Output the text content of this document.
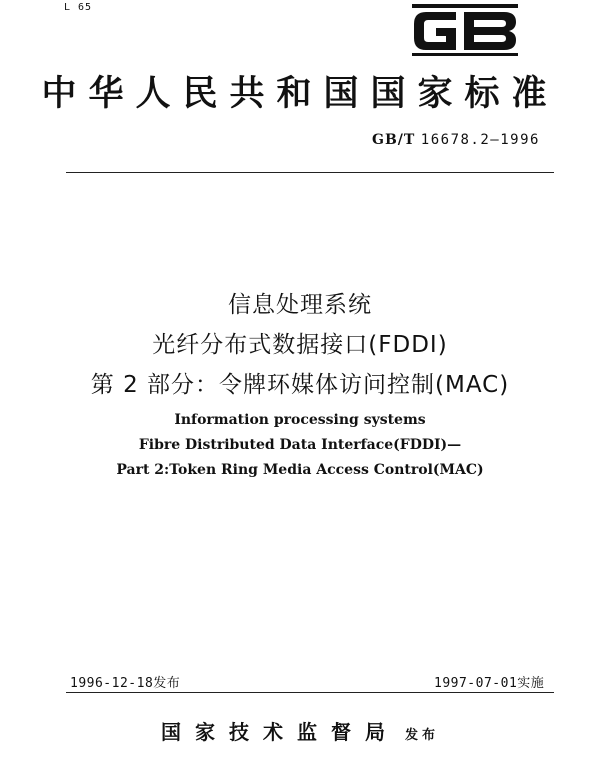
L 65
中华人民共和国国家标准
GB/T 16678.2—1996
信息处理系统
光纤分布式数据接口(FDDI)
第 2 部分：令牌环媒体访问控制(MAC)
Information processing systems
Fibre Distributed Data Interface(FDDI)—
Part 2:Token Ring Media Access Control(MAC)
1996-12-18发布	1997-07-01实施
国家技术监督局 发布
